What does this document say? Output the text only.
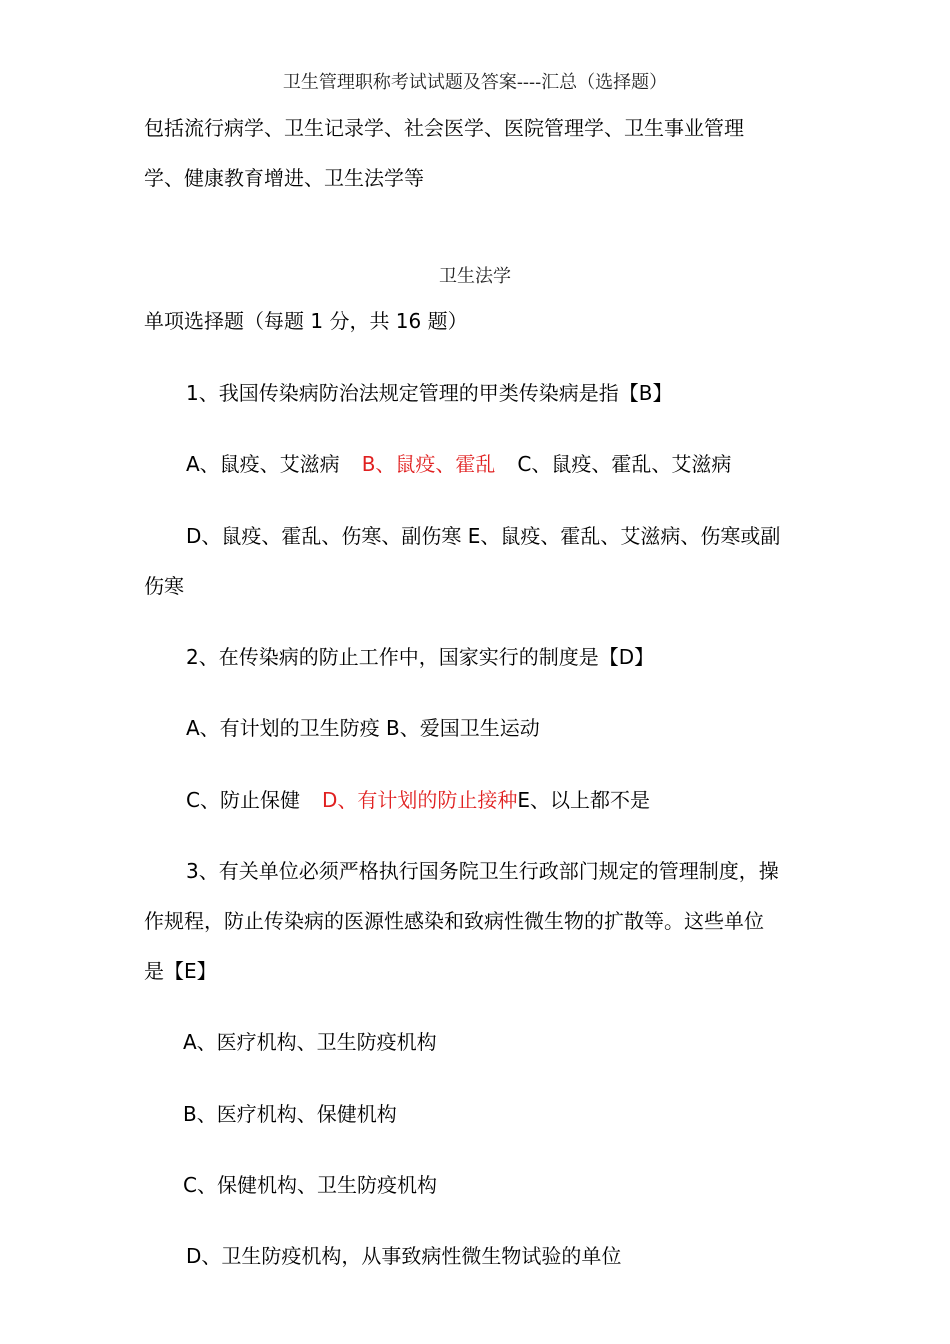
卫生管理职称考试试题及答案----汇总（选择题）
包括流行病学、卫生记录学、社会医学、医院管理学、卫生事业管理
学、健康教育增进、卫生法学等
卫生法学
单项选择题（每题 1 分，共 16 题）
1、我国传染病防治法规定管理的甲类传染病是指【B】
A、鼠疫、艾滋病 B、鼠疫、霍乱 C、鼠疫、霍乱、艾滋病
D、鼠疫、霍乱、伤寒、副伤寒 E、鼠疫、霍乱、艾滋病、伤寒或副
伤寒
2、在传染病的防止工作中，国家实行的制度是【D】
A、有计划的卫生防疫 B、爱国卫生运动
C、防止保健 D、有计划的防止接种E、以上都不是
3、有关单位必须严格执行国务院卫生行政部门规定的管理制度，操
作规程，防止传染病的医源性感染和致病性微生物的扩散等。这些单位
是【E】
A、医疗机构、卫生防疫机构
B、医疗机构、保健机构
C、保健机构、卫生防疫机构
D、卫生防疫机构，从事致病性微生物试验的单位
